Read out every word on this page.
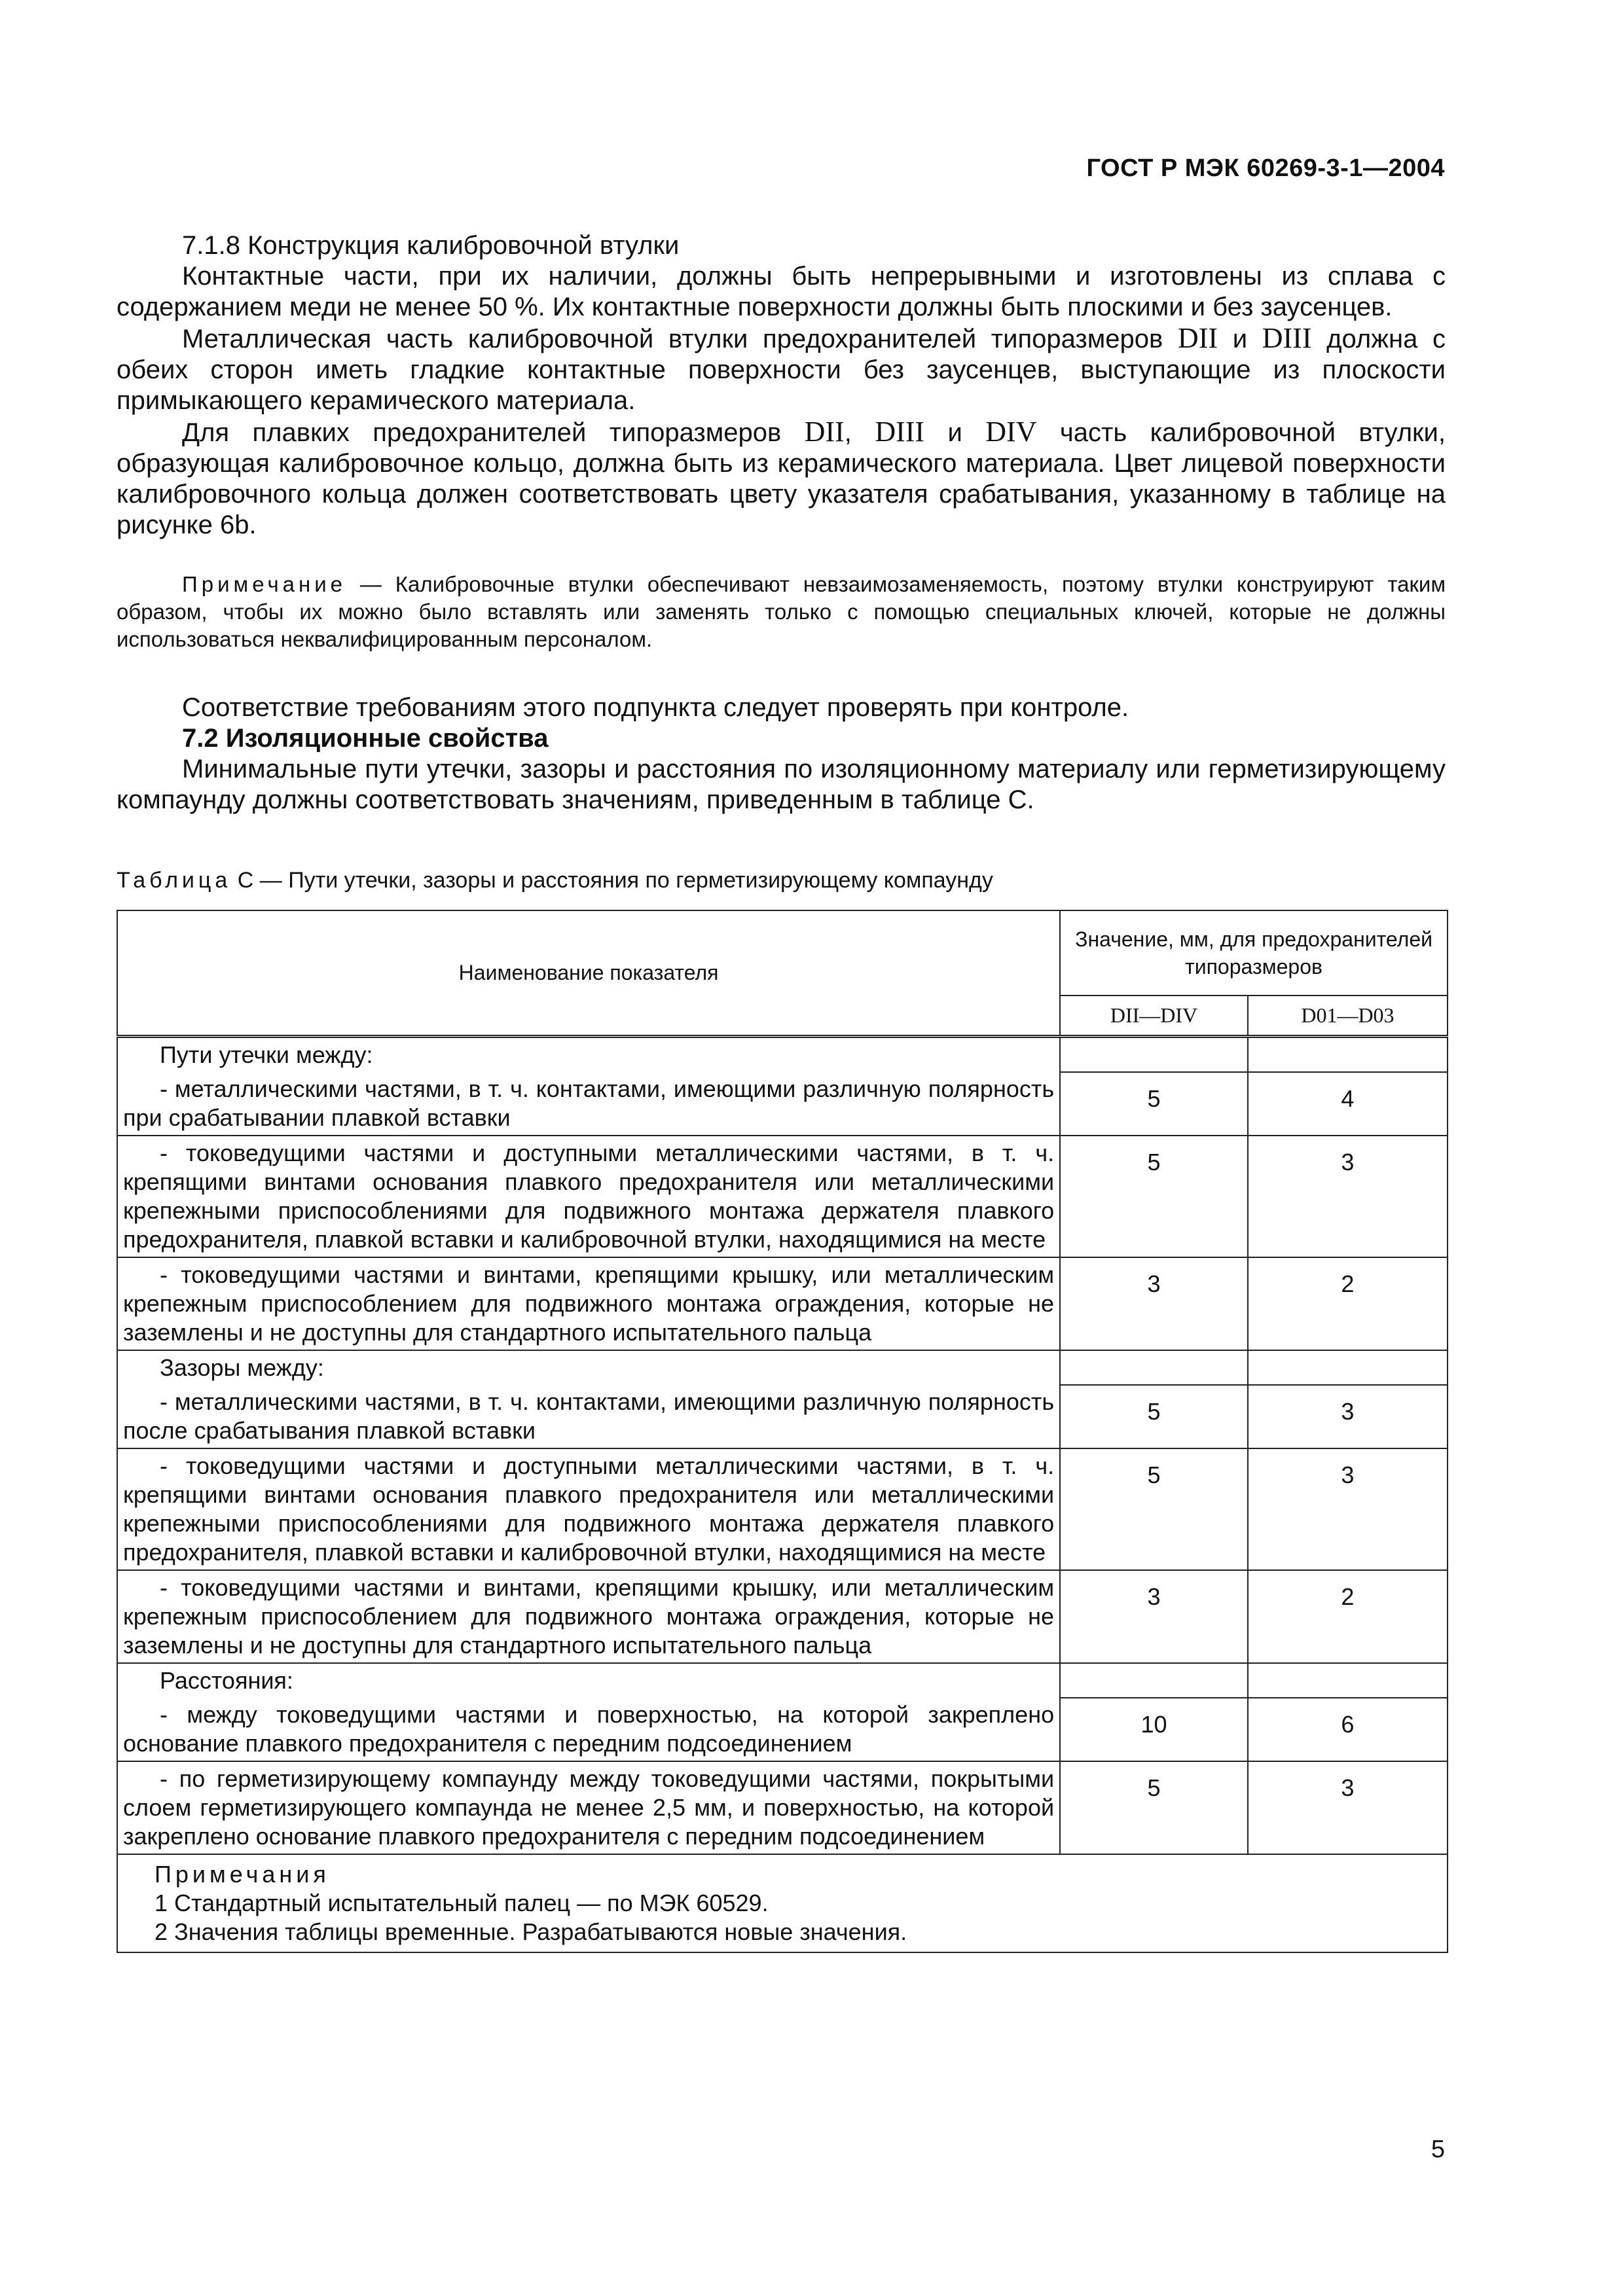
ГОСТ Р МЭК 60269-3-1—2004

7.1.8 Конструкция калибровочной втулки

Контактные части, при их наличии, должны быть непрерывными и изготовлены из сплава с содержанием меди не менее 50 %. Их контактные поверхности должны быть плоскими и без заусенцев.

Металлическая часть калибровочной втулки предохранителей типоразмеров DII и DIII должна с обеих сторон иметь гладкие контактные поверхности без заусенцев, выступающие из плоскости примыкающего керамического материала.

Для плавких предохранителей типоразмеров DII, DIII и DIV часть калибровочной втулки, образующая калибровочное кольцо, должна быть из керамического материала. Цвет лицевой поверхности калибровочного кольца должен соответствовать цвету указателя срабатывания, указанному в таблице на рисунке 6b.

Примечание — Калибровочные втулки обеспечивают невзаимозаменяемость, поэтому втулки конструируют таким образом, чтобы их можно было вставлять или заменять только с помощью специальных ключей, которые не должны использоваться неквалифицированным персоналом.

Соответствие требованиям этого подпункта следует проверять при контроле.

7.2 Изоляционные свойства

Минимальные пути утечки, зазоры и расстояния по изоляционному материалу или герметизирующему компаунду должны соответствовать значениям, приведенным в таблице С.

Таблица С — Пути утечки, зазоры и расстояния по герметизирующему компаунду
Наименование показателя	Значение, мм, для предохранителей типоразмеров	
	DII—DIV	D01—D03
Пути утечки между:		
- металлическими частями, в т. ч. контактами, имеющими различную полярность при срабатывании плавкой вставки	5	4
- токоведущими частями и доступными металлическими частями, в т. ч. крепящими винтами основания плавкого предохранителя или металлическими крепежными приспособлениями для подвижного монтажа держателя плавкого предохранителя, плавкой вставки и калибровочной втулки, находящимися на месте	5	3
- токоведущими частями и винтами, крепящими крышку, или металлическим крепежным приспособлением для подвижного монтажа ограждения, которые не заземлены и не доступны для стандартного испытательного пальца	3	2
Зазоры между:		
- металлическими частями, в т. ч. контактами, имеющими различную полярность после срабатывания плавкой вставки	5	3
- токоведущими частями и доступными металлическими частями, в т. ч. крепящими винтами основания плавкого предохранителя или металлическими крепежными приспособлениями для подвижного монтажа держателя плавкого предохранителя, плавкой вставки и калибровочной втулки, находящимися на месте	5	3
- токоведущими частями и винтами, крепящими крышку, или металлическим крепежным приспособлением для подвижного монтажа ограждения, которые не заземлены и не доступны для стандартного испытательного пальца	3	2
Расстояния:		
- между токоведущими частями и поверхностью, на которой закреплено основание плавкого предохранителя с передним подсоединением	10	6
- по герметизирующему компаунду между токоведущими частями, покрытыми слоем герметизирующего компаунда не менее 2,5 мм, и поверхностью, на которой закреплено основание плавкого предохранителя с передним подсоединением	5	3

Примечания
1 Стандартный испытательный палец — по МЭК 60529.
2 Значения таблицы временные. Разрабатываются новые значения.		
5
